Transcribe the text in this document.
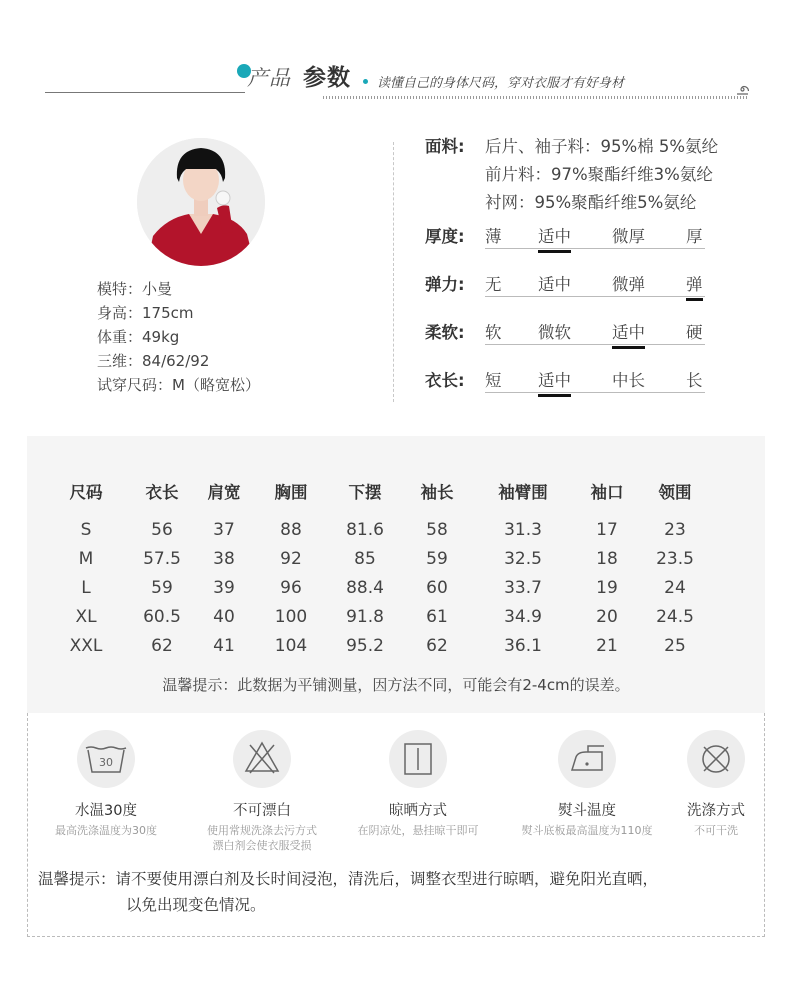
产品 参数 读懂自己的身体尺码，穿对衣服才有好身材
模特：小曼
身高：175cm
体重：49kg
三维：84/62/92
试穿尺码：M（略宽松）
面料: 后片、袖子料：95%棉 5%氨纶
前片料：97%聚酯纤维3%氨纶
衬网：95%聚酯纤维5%氨纶
厚度: 薄 适中 微厚 厚
弹力: 无 适中 微弹 弹
柔软: 软 微软 适中 硬
衣长: 短 适中 中长 长
温馨提示：此数据为平铺测量，因方法不同，可能会有2-4cm的误差。
尺码	衣长 肩宽 胸围 下摆 袖长	袖臂围	袖口 领围
S	56 37	88	81.6 58	31.3	17	23
M	57.5 38	92	85	59	32.5	18 23.5
L	59 39	96	88.4 60	33.7	19	24
XL	60.5 40 100 91.8 61	34.9	20 24.5
XXL	62 41 104 95.2 62	36.1	21	25
30
水温30度
最高洗涤温度为30度
不可漂白
使用常规洗涤去污方式
漂白剂会使衣服受损
晾晒方式
在阴凉处，悬挂晾干即可
熨斗温度
熨斗底板最高温度为110度
洗涤方式
不可干洗
温馨提示：请不要使用漂白剂及长时间浸泡，清洗后，调整衣型进行晾晒，避免阳光直晒，
以免出现变色情况。
